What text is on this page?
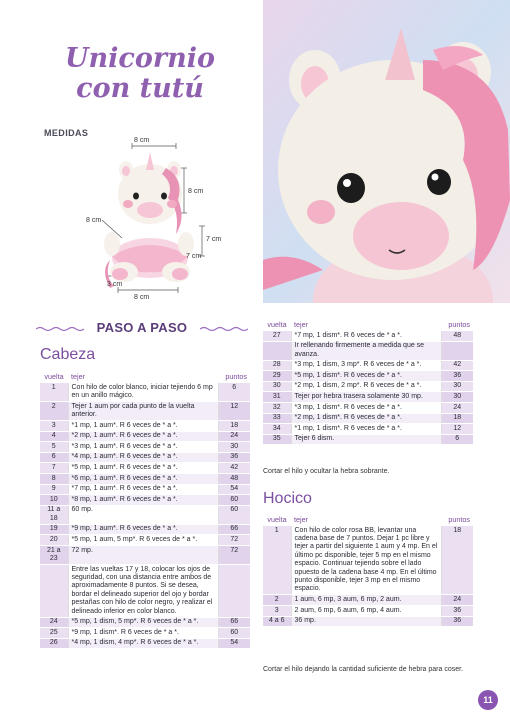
Unicornio
con tutú
MEDIDAS
8 cm
8 cm
8 cm
7 cm
7 cm
3 cm
8 cm
PASO A PASO
Cabeza
vuelta	tejer	puntos
1	Con hilo de color blanco, iniciar tejiendo 6 mp en un anillo mágico.	6
2	Tejer 1 aum por cada punto de la vuelta anterior.	12
3	*1 mp, 1 aum*. R 6 veces de * a *.	18
4	*2 mp, 1 aum*. R 6 veces de * a *.	24
5	*3 mp, 1 aum*. R 6 veces de * a *.	30
6	*4 mp, 1 aum*. R 6 veces de * a *.	36
7	*5 mp, 1 aum*. R 6 veces de * a *.	42
8	*6 mp, 1 aum*. R 6 veces de * a *.	48
9	*7 mp, 1 aum*. R 6 veces de * a *.	54
10	*8 mp, 1 aum*. R 6 veces de * a *.	60
11 a 18	60 mp.	60
19	*9 mp, 1 aum*. R 6 veces de * a *.	66
20	*5 mp, 1 aum, 5 mp*. R 6 veces de * a *.	72
21 a 23	72 mp.	72
	Entre las vueltas 17 y 18, colocar los ojos de seguridad, con una distancia entre ambos de aproximadamente 8 puntos. Si se desea, bordar el delineado superior del ojo y bordar pestañas con hilo de color negro, y realizar el delineado inferior en color blanco.	
24	*5 mp, 1 dism, 5 mp*. R 6 veces de * a *.	66
25	*9 mp, 1 dism*. R 6 veces de * a *.	60
26	*4 mp, 1 dism, 4 mp*. R 6 veces de * a *.	54
vuelta	tejer	puntos
27	*7 mp, 1 dism*. R 6 veces de * a *.	48
	Ir rellenando firmemente a medida que se avanza.	
28	*3 mp, 1 dism, 3 mp*. R 6 veces de * a *.	42
29	*5 mp, 1 dism*. R 6 veces de * a *.	36
30	*2 mp, 1 dism, 2 mp*. R 6 veces de * a *.	30
31	Tejer por hebra trasera solamente 30 mp.	30
32	*3 mp, 1 dism*. R 6 veces de * a *.	24
33	*2 mp, 1 dism*. R 6 veces de * a *.	18
34	*1 mp, 1 dism*. R 6 veces de * a *.	12
35	Tejer 6 dism.	6
Cortar el hilo y ocultar la hebra sobrante.
Hocico
vuelta	tejer	puntos
1	Con hilo de color rosa BB, levantar una cadena base de 7 puntos. Dejar 1 pc libre y tejer a partir del siguiente 1 aum y 4 mp. En el último pc disponible, tejer 5 mp en el mismo espacio. Continuar tejiendo sobre el lado opuesto de la cadena base 4 mp. En el último punto disponible, tejer 3 mp en el mismo espacio.	18
2	1 aum, 6 mp, 3 aum, 6 mp, 2 aum.	24
3	2 aum, 6 mp, 6 aum, 6 mp, 4 aum.	36
4 a 6	36 mp.	36
Cortar el hilo dejando la cantidad suficiente de hebra para coser.
11
